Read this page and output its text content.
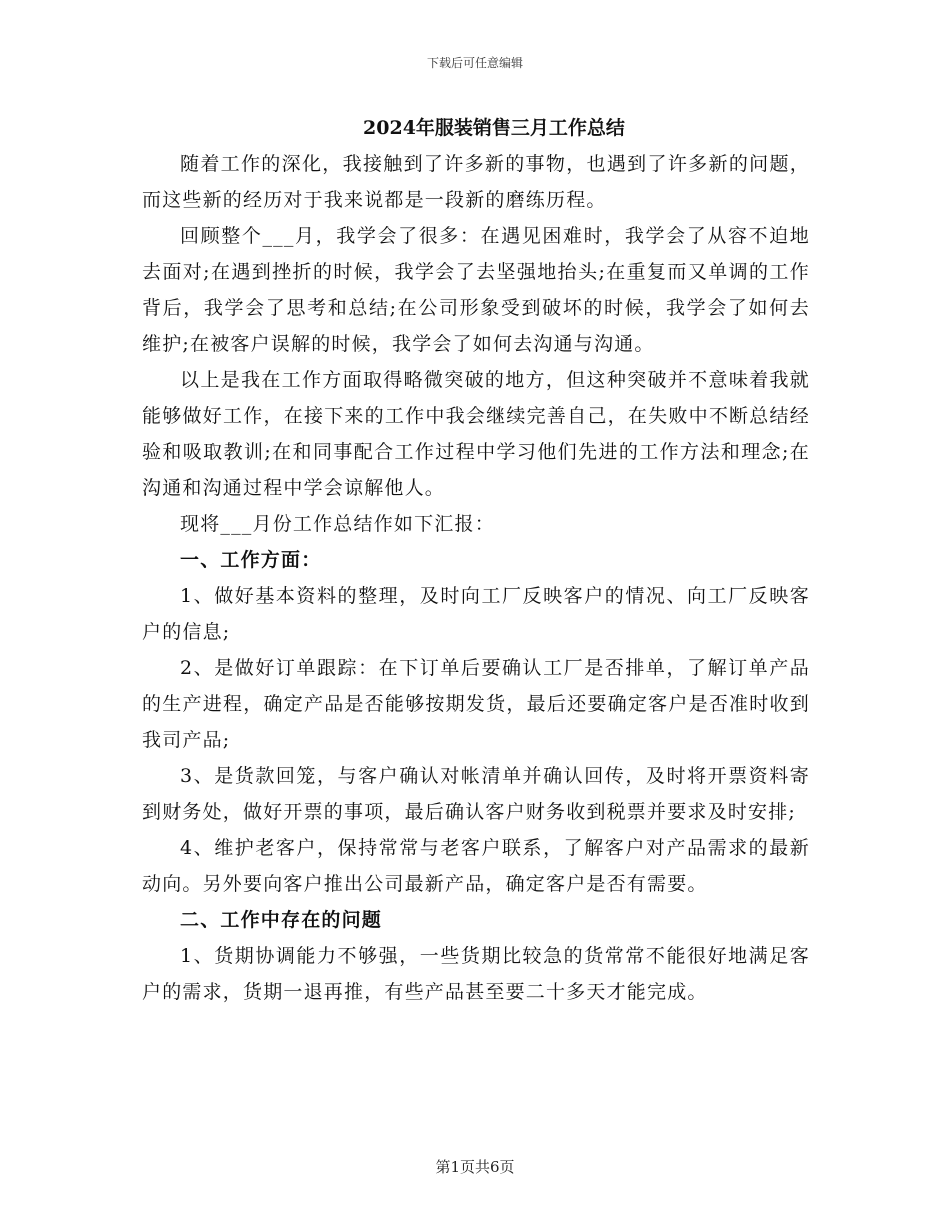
下载后可任意编辑
2024年服装销售三月工作总结

随着工作的深化，我接触到了许多新的事物，也遇到了许多新的问题，而这些新的经历对于我来说都是一段新的磨练历程。

回顾整个___月，我学会了很多：在遇见困难时，我学会了从容不迫地去面对;在遇到挫折的时候，我学会了去坚强地抬头;在重复而又单调的工作背后，我学会了思考和总结;在公司形象受到破坏的时候，我学会了如何去维护;在被客户误解的时候，我学会了如何去沟通与沟通。

以上是我在工作方面取得略微突破的地方，但这种突破并不意味着我就能够做好工作，在接下来的工作中我会继续完善自己，在失败中不断总结经验和吸取教训;在和同事配合工作过程中学习他们先进的工作方法和理念;在沟通和沟通过程中学会谅解他人。

现将___月份工作总结作如下汇报：

一、工作方面：

1、做好基本资料的整理，及时向工厂反映客户的情况、向工厂反映客户的信息;

2、是做好订单跟踪：在下订单后要确认工厂是否排单，了解订单产品的生产进程，确定产品是否能够按期发货，最后还要确定客户是否准时收到我司产品;

3、是货款回笼，与客户确认对帐清单并确认回传，及时将开票资料寄到财务处，做好开票的事项，最后确认客户财务收到税票并要求及时安排;

4、维护老客户，保持常常与老客户联系，了解客户对产品需求的最新动向。另外要向客户推出公司最新产品，确定客户是否有需要。

二、工作中存在的问题

1、货期协调能力不够强，一些货期比较急的货常常不能很好地满足客户的需求，货期一退再推，有些产品甚至要二十多天才能完成。

第1页共6页
